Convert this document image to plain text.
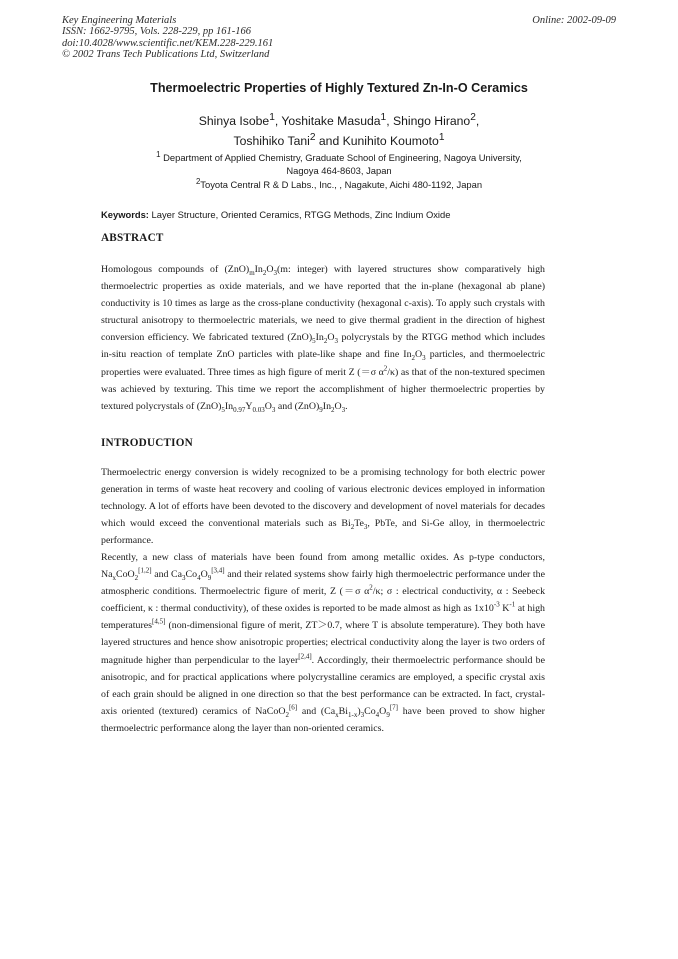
Key Engineering Materials
ISSN: 1662-9795, Vols. 228-229, pp 161-166
doi:10.4028/www.scientific.net/KEM.228-229.161
© 2002 Trans Tech Publications Ltd, Switzerland
Online: 2002-09-09
Thermoelectric Properties of Highly Textured Zn-In-O Ceramics
Shinya Isobe$^1$, Yoshitake Masuda$^1$, Shingo Hirano$^2$,
Toshihiko Tani$^2$ and Kunihito Koumoto$^1$
$^1$ Department of Applied Chemistry, Graduate School of Engineering, Nagoya University,
Nagoya 464-8603, Japan
$^2$Toyota Central R & D Labs., Inc., , Nagakute, Aichi 480-1192, Japan
Keywords: Layer Structure, Oriented Ceramics, RTGG Methods, Zinc Indium Oxide
ABSTRACT

Homologous compounds of $(ZnO)_mIn_2O_3(m$: integer) with layered structures show comparatively high thermoelectric properties as oxide materials, and we have reported that the in-plane (hexagonal ab plane) conductivity is 10 times as large as the cross-plane conductivity (hexagonal c-axis). To apply such crystals with structural anisotropy to thermoelectric materials, we need to give thermal gradient in the direction of highest conversion efficiency. We fabricated textured $(ZnO)_5In_2O_3$ polycrystals by the RTGG method which includes in-situ reaction of template ZnO particles with plate-like shape and fine $In_2O_3$ particles, and thermoelectric properties were evaluated. Three times as high figure of merit Z (＝σ $\alpha^2/\kappa$) as that of the non-textured specimen was achieved by texturing. This time we report the accomplishment of higher thermoelectric properties by textured polycrystals of $(ZnO)_5In_{0.97}Y_{0.03}O_3$ and $(ZnO)_9In_2O_3$.

INTRODUCTION

Thermoelectric energy conversion is widely recognized to be a promising technology for both electric power generation in terms of waste heat recovery and cooling of various electronic devices employed in information technology. A lot of efforts have been devoted to the discovery and development of novel materials for decades which would exceed the conventional materials such as $Bi_2Te_3$, PbTe, and Si-Ge alloy, in thermoelectric performance.

Recently, a new class of materials have been found from among metallic oxides. As p-type conductors, $Na_xCoO_2[1,2]$ and $Ca_3Co_4O_9[3,4]$ and their related systems show fairly high thermoelectric performance under the atmospheric conditions. Thermoelectric figure of merit, Z (＝σ $\alpha^2/\kappa$; σ : electrical conductivity, α : Seebeck coefficient, κ : thermal conductivity), of these oxides is reported to be made almost as high as $1x10^{-3}$ $K^{-1}$ at high temperatures[4,5] (non-dimensional figure of merit, ZT＞0.7, where T is absolute temperature). They both have layered structures and hence show anisotropic properties; electrical conductivity along the layer is two orders of magnitude higher than perpendicular to the layer[2,4]. Accordingly, their thermoelectric performance should be anisotropic, and for practical applications where polycrystalline ceramics are employed, a specific crystal axis of each grain should be aligned in one direction so that the best performance can be extracted. In fact, crystal-axis oriented (textured) ceramics of NaCoO$_2$[6] and $(Ca_xBi_{1-x})_3Co_4O_9[7]$ have been proved to show higher thermoelectric performance along the layer than non-oriented ceramics.
